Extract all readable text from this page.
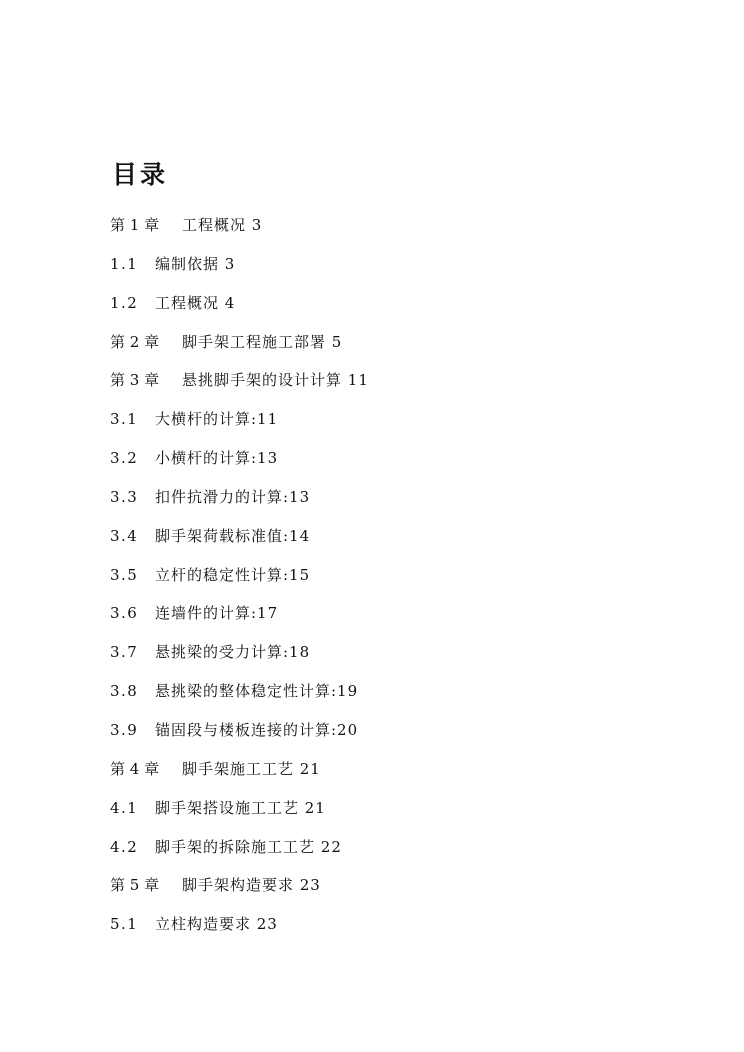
目录
第 1 章 工程概况 3
1.1 编制依据 3
1.2 工程概况 4
第 2 章 脚手架工程施工部署 5
第 3 章 悬挑脚手架的设计计算 11
3.1 大横杆的计算:11
3.2 小横杆的计算:13
3.3 扣件抗滑力的计算:13
3.4 脚手架荷载标准值:14
3.5 立杆的稳定性计算:15
3.6 连墙件的计算:17
3.7 悬挑梁的受力计算:18
3.8 悬挑梁的整体稳定性计算:19
3.9 锚固段与楼板连接的计算:20
第 4 章 脚手架施工工艺 21
4.1 脚手架搭设施工工艺 21
4.2 脚手架的拆除施工工艺 22
第 5 章 脚手架构造要求 23
5.1 立柱构造要求 23
